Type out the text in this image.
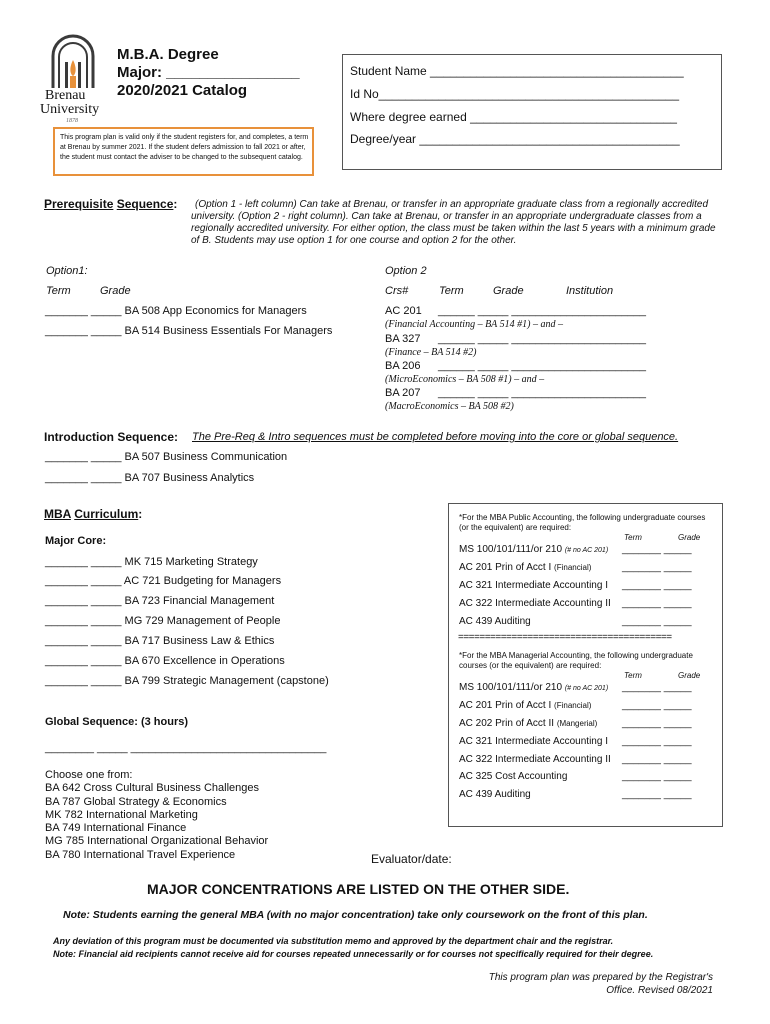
Brenau
University
1878
M.B.A. Degree
Major: ________________
2020/2021 Catalog
This program plan is valid only if the student registers for, and completes, a term at Brenau by summer 2021. If the student defers admission to fall 2021 or after, the student must contact the adviser to be changed to the subsequent catalog.
Student Name ______________________________________
Id No_____________________________________________
Where degree earned _______________________________
Degree/year _______________________________________
Prerequisite Sequence:	(Option 1 - left column) Can take at Brenau, or transfer in an appropriate graduate class from a regionally accredited university. (Option 2 - right column). Can take at Brenau, or transfer in an appropriate undergraduate classes from a regionally accredited university. For either option, the class must be taken within the last 5 years with a minimum grade of B. Students may use option 1 for one course and option 2 for the other.
Option1:
Term	Grade
_______ _____ BA 508 App Economics for Managers
_______ _____ BA 514 Business Essentials For Managers
Option 2
Crs#	Term	Grade	Institution
AC 201 ______ _____ ______________________
(Financial Accounting – BA 514 #1) – and –
BA 327 ______ _____ ______________________
(Finance – BA 514 #2)
BA 206 ______ _____ ______________________
(MicroEconomics – BA 508 #1) – and –
BA 207 ______ _____ ______________________
(MacroEconomics – BA 508 #2)
Introduction Sequence: The Pre-Req & Intro sequences must be completed before moving into the core or global sequence.
_______ _____ BA 507 Business Communication
_______ _____ BA 707 Business Analytics
MBA Curriculum:
Major Core:
_______ _____ MK 715 Marketing Strategy
_______ _____ AC 721 Budgeting for Managers
_______ _____ BA 723 Financial Management
_______ _____ MG 729 Management of People
_______ _____ BA 717 Business Law & Ethics
_______ _____ BA 670 Excellence in Operations
_______ _____ BA 799 Strategic Management (capstone)
Global Sequence: (3 hours)
________ _____ ________________________________
Choose one from:
BA 642 Cross Cultural Business Challenges
BA 787 Global Strategy & Economics
MK 782 International Marketing
BA 749 International Finance
MG 785 International Organizational Behavior
BA 780 International Travel Experience
*For the MBA Public Accounting, the following undergraduate courses (or the equivalent) are required:
Term	Grade
MS 100/101/111/or 210 (# no AC 201) _______ _____
AC 201 Prin of Acct I (Financial)	_______ _____
AC 321 Intermediate Accounting I _______ _____
AC 322 Intermediate Accounting II _______ _____
AC 439 Auditing	_______ _____
========================================
*For the MBA Managerial Accounting, the following undergraduate courses (or the equivalent) are required:
Term	Grade
MS 100/101/111/or 210 (# no AC 201) _______ _____
AC 201 Prin of Acct I (Financial)	_______ _____
AC 202 Prin of Acct II (Mangerial) _______ _____
AC 321 Intermediate Accounting I _______ _____
AC 322 Intermediate Accounting II _______ _____
AC 325 Cost Accounting	_______ _____
AC 439 Auditing	_______ _____
Evaluator/date:
MAJOR CONCENTRATIONS ARE LISTED ON THE OTHER SIDE.
Note: Students earning the general MBA (with no major concentration) take only coursework on the front of this plan.
Any deviation of this program must be documented via substitution memo and approved by the department chair and the registrar.
Note: Financial aid recipients cannot receive aid for courses repeated unnecessarily or for courses not specifically required for their degree.
This program plan was prepared by the Registrar's
Office. Revised 08/2021
